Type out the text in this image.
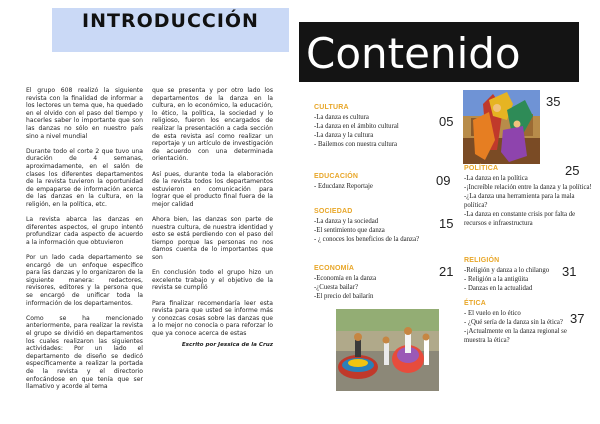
INTRODUCCIÓN

El grupo 608 realizó la siguiente revista con la finalidad de informar a los lectores un tema que, ha quedado en el olvido con el paso del tiempo y hacerles saber lo importante que son las danzas no sólo en nuestro país sino a nivel mundial

Durante todo el corte 2 que tuvo una duración de 4 semanas, aproximadamente, en el salón de clases los diferentes departamentos de la revista tuvieron la oportunidad de empaparse de información acerca de las danzas en la cultura, en la religión, en la política, etc.

La revista abarca las danzas en diferentes aspectos, el grupo intentó profundizar cada aspecto de acuerdo a la información que obtuvieron

Por un lado cada departamento se encargó de un enfoque específico para las danzas y lo organizaron de la siguiente manera: redactores, revisores, editores y la persona que se encargó de unificar toda la información de los departamentos.

Como se ha mencionado anteriormente, para realizar la revista el grupo se dividió en departamentos los cuales realizaron las siguientes actividades: Por un lado el departamento de diseño se dedicó específicamente a realizar la portada de la revista y el directorio enfocándose en que tenía que ser llamativo y acorde al tema

que se presenta y por otro lado los departamentos de la danza en la cultura, en lo económico, la educación, lo ético, la política, la sociedad y lo religioso, fueron los encargados de realizar la presentación a cada sección de esta revista así como realizar un reportaje y un artículo de investigación de acuerdo con una determinada orientación.

Así pues, durante toda la elaboración de la revista todos los departamentos estuvieron en comunicación para lograr que el producto final fuera de la mejor calidad

Ahora bien, las danzas son parte de nuestra cultura, de nuestra identidad y esto se está perdiendo con el paso del tiempo porque las personas no nos damos cuenta de lo importantes que son

En conclusión todo el grupo hizo un excelente trabajo y el objetivo de la revista se cumplió

Para finalizar recomendaría leer esta revista para que usted se informe más y conozcas cosas sobre las danzas que a lo mejor no conocía o para reforzar lo que ya conoce acerca de estas

Escrito por Jessica de la Cruz
Contenido
35
CULTURA
-La danza es cultura
-La danza en el ámbito cultural
-La danza y la cultura
- Bailemos con nuestra cultura
05
EDUCACIÓN
- Educdanz Reportaje	09
SOCIEDAD
-La danza y la sociedad
-El sentimiento que danza
- ¿ conoces los beneficios de la danza?
15
ECONOMÍA
-Economía en la danza
-¿Cuesta bailar?
-El precio del bailarín
21
POLÍTICA
-La danza en la política
-¡Increíble relación entre la danza y la política!
-¿La danza una herramienta para la mala política?
-La danza en constante crisis por falta de recursos e infraestructura
25
RELIGIÓN
-Religión y danza a lo chilango
- Religión a la antigüita
- Danzas en la actualidad
31
ÉTICA
- El vuelo en lo ético
- ¿Qué sería de la danza sin la ética?
-¡Actualmente en la danza regional se muestra la ética?
37
